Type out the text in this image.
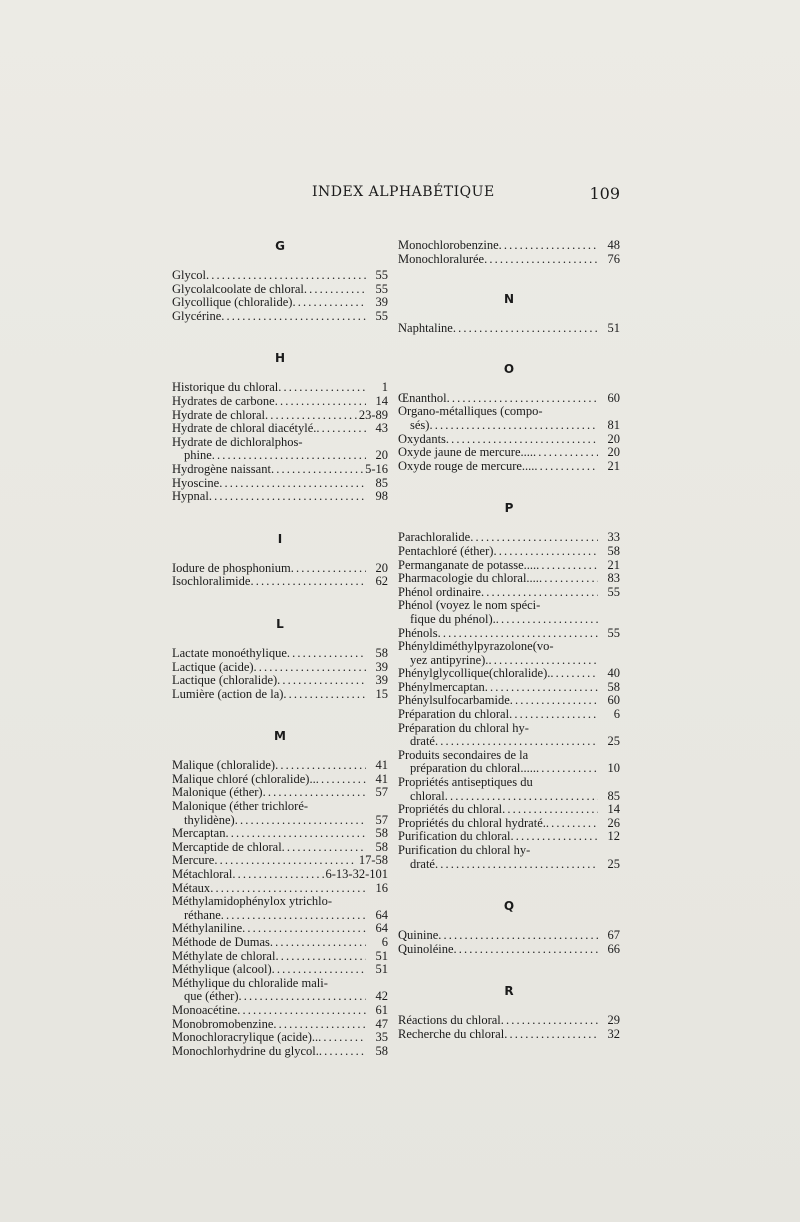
INDEX ALPHABÉTIQUE	109
G
Glycol . . .	55
Glycolalcoolate de chloral . . .	55
Glycollique (chloralide) . . .	39
Glycérine . . .	55
H
Historique du chloral . . .	1
Hydrates de carbone . . .	14
Hydrate de chloral . . .	23-89
Hydrate de chloral diacétylé. . . .	43
Hydrate de dichloralphos-
phine . . .	20
Hydrogène naissant . . .	5-16
Hyoscine . . .	85
Hypnal . . .	98
I
Iodure de phosphonium . . .	20
Isochloralimide . . .	62
L
Lactate monoéthylique . . .	58
Lactique (acide) . . .	39
Lactique (chloralide) . . .	39
Lumière (action de la) . . .	15
M
Malique (chloralide) . . .	41
Malique chloré (chloralide).. . . .	41
Malonique (éther) . . .	57
Malonique (éther trichloré-
thylidène) . . .	57
Mercaptan . . .	58
Mercaptide de chloral . . .	58
Mercure . . .	17-58
Métachloral . . .	6-13-32-101
Métaux . . .	16
Méthylamidophénylox ytrichlo-
réthane . . .	64
Méthylaniline . . .	64
Méthode de Dumas . . .	6
Méthylate de chloral . . .	51
Méthylique (alcool) . . .	51
Méthylique du chloralide mali-
que (éther) . . .	42
Monoacétine . . .	61
Monobromobenzine . . .	47
Monochloracrylique (acide).. . . .	35
Monochlorhydrine du glycol. . . .	58
Monochlorobenzine . . .	48
Monochloralurée . . .	76
N
Naphtaline . . .	51
O
Œnanthol . . .	60
Organo-métalliques (compo-
sés) . . .	81
Oxydants . . .	20
Oxyde jaune de mercure.... . . .	20
Oxyde rouge de mercure.... . . .	21
P
Parachloralide . . .	33
Pentachloré (éther) . . .	58
Permanganate de potasse.... . . .	21
Pharmacologie du chloral.... . . .	83
Phénol ordinaire . . .	55
Phénol (voyez le nom spéci-
fique du phénol). . . .
Phénols . . .	55
Phényldiméthylpyrazolone(vo-
yez antipyrine). . . .
Phénylglycollique(chloralide). . . .	40
Phénylmercaptan . . .	58
Phénylsulfocarbamide . . .	60
Préparation du chloral . . .	6
Préparation du chloral hy-
draté . . .	25
Produits secondaires de la
préparation du chloral..... . . .	10
Propriétés antiseptiques du
chloral . . .	85
Propriétés du chloral . . .	14
Propriétés du chloral hydraté. . . .	26
Purification du chloral . . .	12
Purification du chloral hy-
draté . . .	25
Q
Quinine . . .	67
Quinoléine . . .	66
R
Réactions du chloral . . .	29
Recherche du chloral . . .	32
